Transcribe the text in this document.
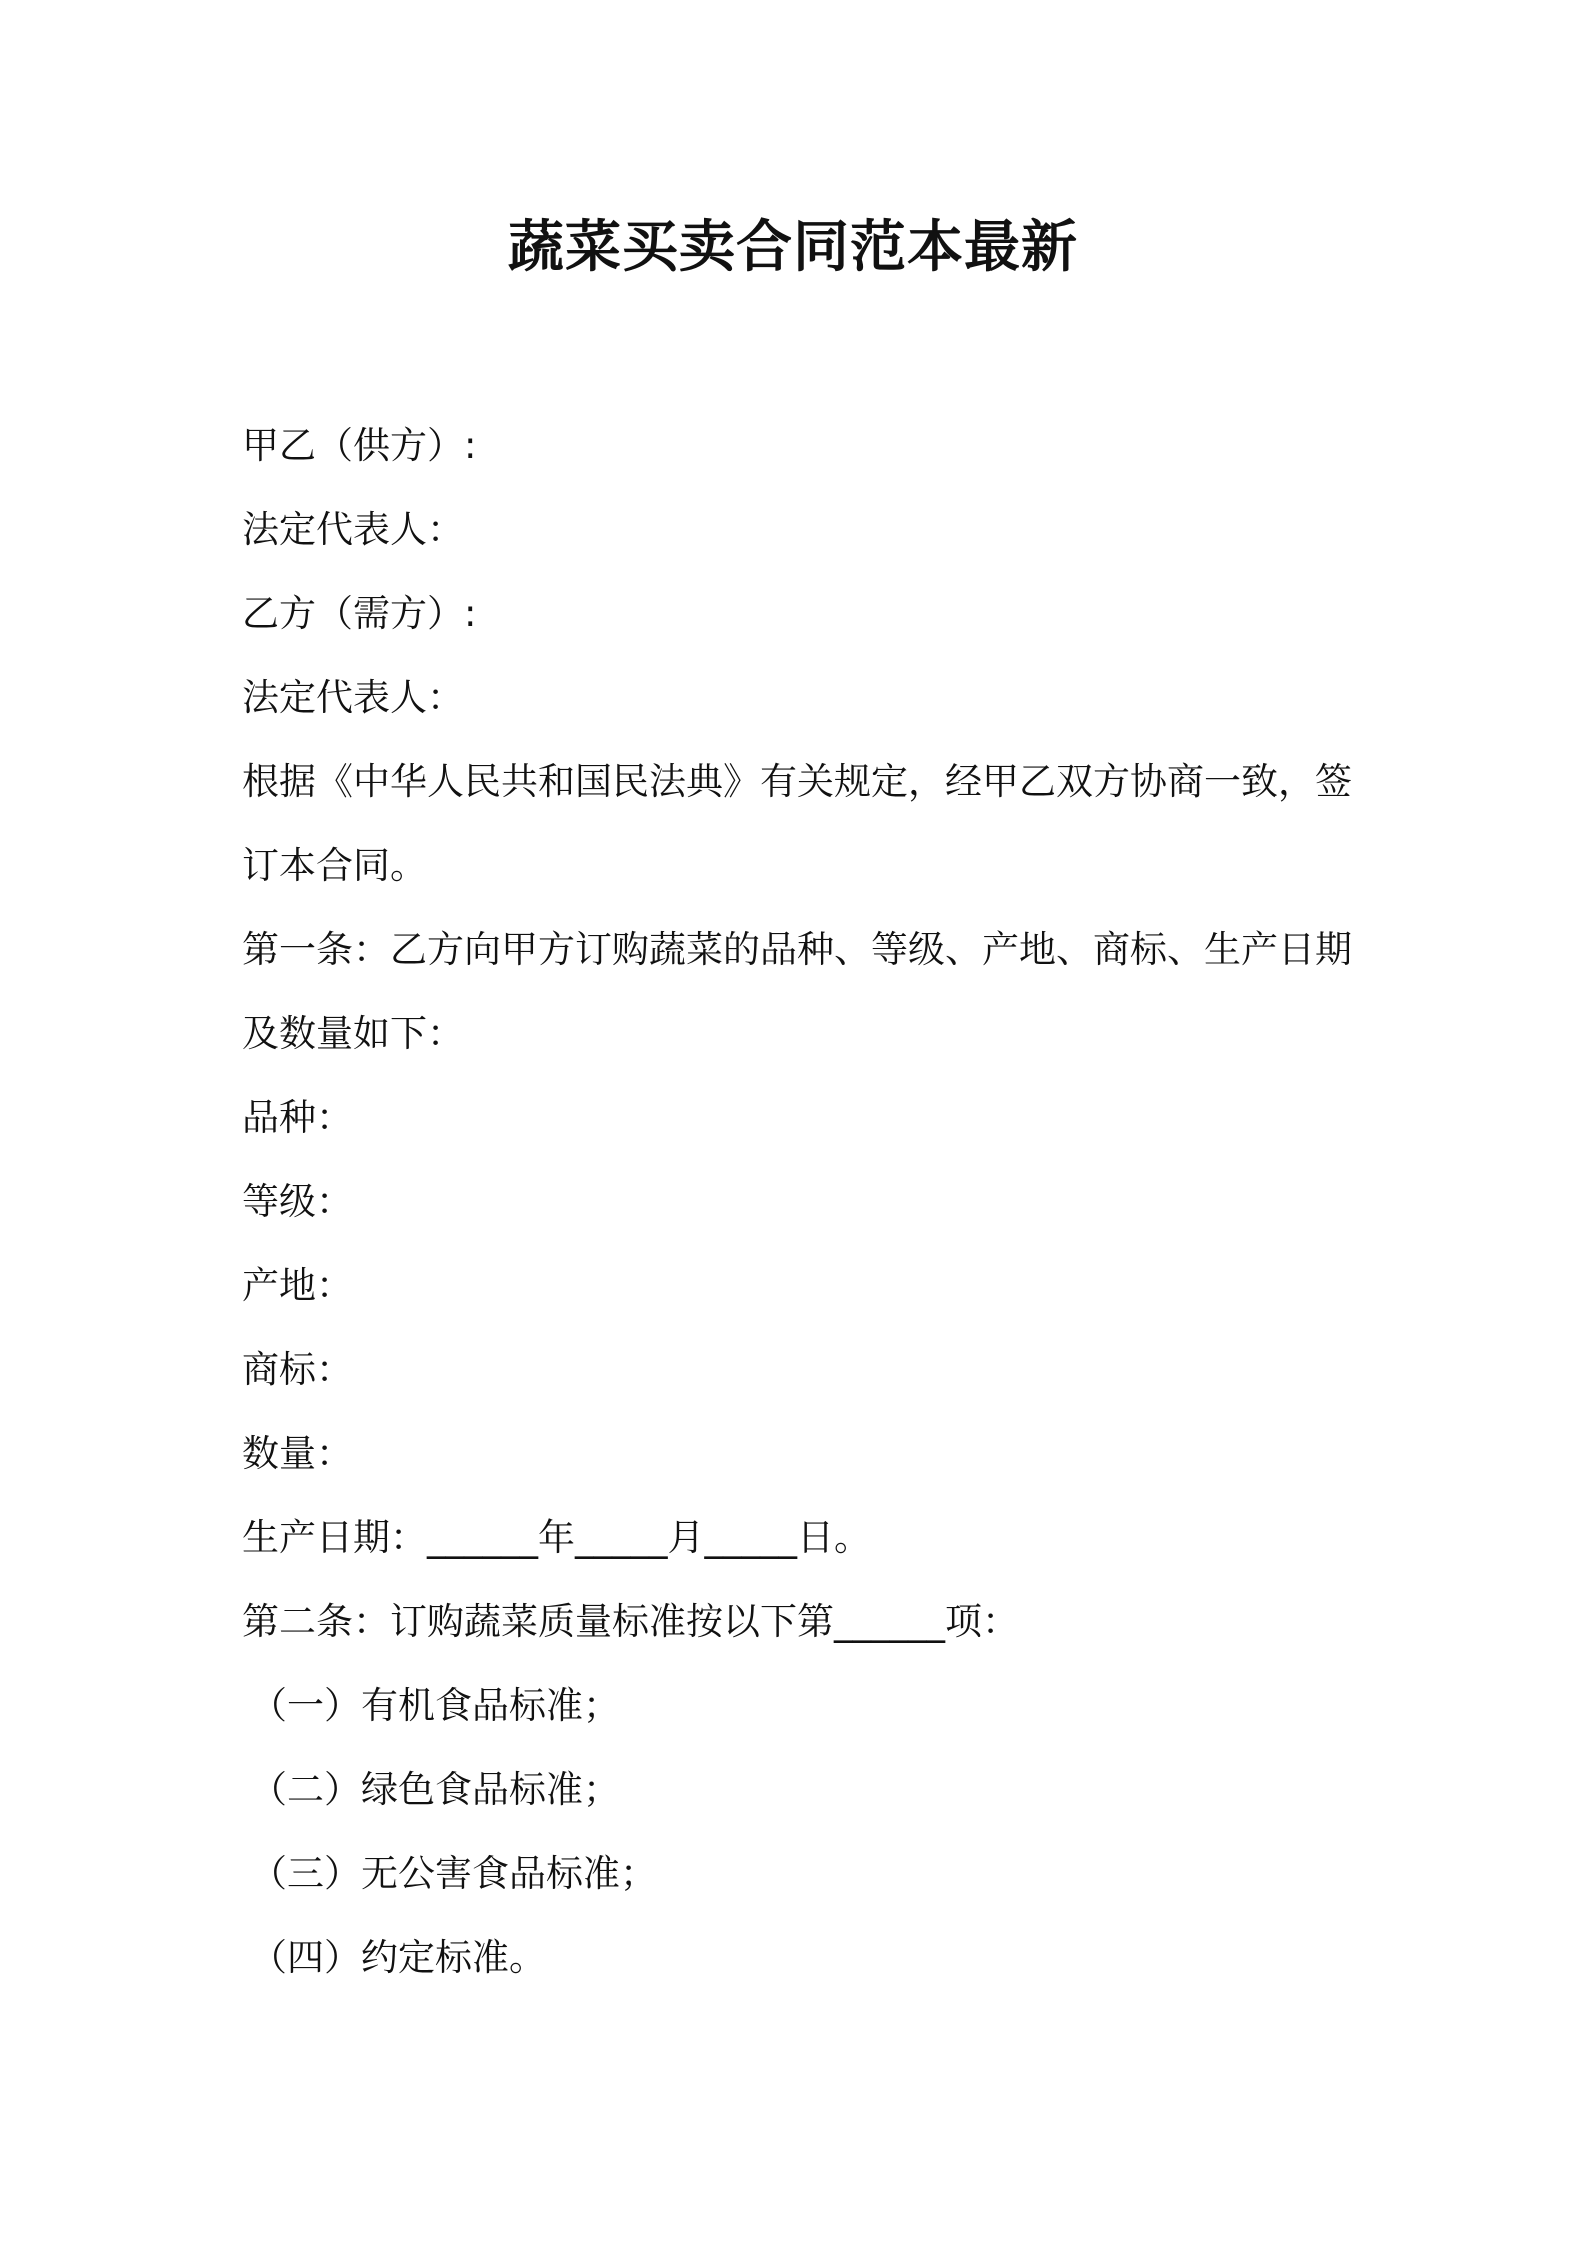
蔬菜买卖合同范本最新

甲乙（供方）:

法定代表人：

乙方（需方）:

法定代表人：

根据《中华人民共和国民法典》有关规定，经甲乙双方协商一致，签

订本合同。

第一条：乙方向甲方订购蔬菜的品种、等级、产地、商标、生产日期

及数量如下：

品种：

等级：

产地：

商标：

数量：

生产日期：______年_____月_____日。

第二条：订购蔬菜质量标准按以下第______项：

（一）有机食品标准；

（二）绿色食品标准；

（三）无公害食品标准；

（四）约定标准。
